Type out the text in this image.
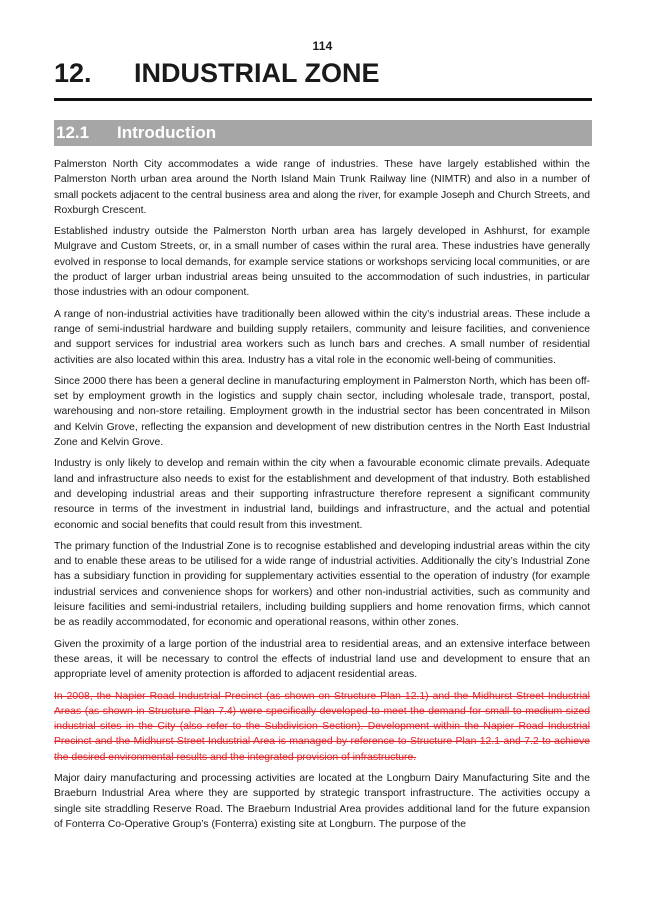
114
12. INDUSTRIAL ZONE
12.1 Introduction

Palmerston North City accommodates a wide range of industries. These have largely established within the Palmerston North urban area around the North Island Main Trunk Railway line (NIMTR) and also in a number of small pockets adjacent to the central business area and along the river, for example Joseph and Church Streets, and Roxburgh Crescent.

Established industry outside the Palmerston North urban area has largely developed in Ashhurst, for example Mulgrave and Custom Streets, or, in a small number of cases within the rural area. These industries have generally evolved in response to local demands, for example service stations or workshops servicing local communities, or are the product of larger urban industrial areas being unsuited to the accommodation of such industries, in particular those industries with an odour component.

A range of non-industrial activities have traditionally been allowed within the city’s industrial areas. These include a range of semi-industrial hardware and building supply retailers, community and leisure facilities, and convenience and support services for industrial area workers such as lunch bars and creches. A small number of residential activities are also located within this area. Industry has a vital role in the economic well-being of communities.

Since 2000 there has been a general decline in manufacturing employment in Palmerston North, which has been off-set by employment growth in the logistics and supply chain sector, including wholesale trade, transport, postal, warehousing and non-store retailing. Employment growth in the industrial sector has been concentrated in Milson and Kelvin Grove, reflecting the expansion and development of new distribution centres in the North East Industrial Zone and Kelvin Grove.

Industry is only likely to develop and remain within the city when a favourable economic climate prevails. Adequate land and infrastructure also needs to exist for the establishment and development of that industry. Both established and developing industrial areas and their supporting infrastructure therefore represent a significant community resource in terms of the investment in industrial land, buildings and infrastructure, and the actual and potential economic and social benefits that could result from this investment.

The primary function of the Industrial Zone is to recognise established and developing industrial areas within the city and to enable these areas to be utilised for a wide range of industrial activities. Additionally the city’s Industrial Zone has a subsidiary function in providing for supplementary activities essential to the operation of industry (for example industrial services and convenience shops for workers) and other non-industrial activities, such as community and leisure facilities and semi-industrial retailers, including building suppliers and home renovation firms, which cannot be as readily accommodated, for economic and operational reasons, within other zones.

Given the proximity of a large portion of the industrial area to residential areas, and an extensive interface between these areas, it will be necessary to control the effects of industrial land use and development to ensure that an appropriate level of amenity protection is afforded to adjacent residential areas.

In 2008, the Napier Road Industrial Precinct (as shown on Structure Plan 12.1) and the Midhurst Street Industrial Areas (as shown in Structure Plan 7.4) were specifically developed to meet the demand for small to medium sized industrial sites in the City (also refer to the Subdivision Section). Development within the Napier Road Industrial Precinct and the Midhurst Street Industrial Area is managed by reference to Structure Plan 12.1 and 7.2 to achieve the desired environmental results and the integrated provision of infrastructure.

Major dairy manufacturing and processing activities are located at the Longburn Dairy Manufacturing Site and the Braeburn Industrial Area where they are supported by strategic transport infrastructure. The activities occupy a single site straddling Reserve Road. The Braeburn Industrial Area provides additional land for the future expansion of Fonterra Co-Operative Group’s (Fonterra) existing site at Longburn. The purpose of the
